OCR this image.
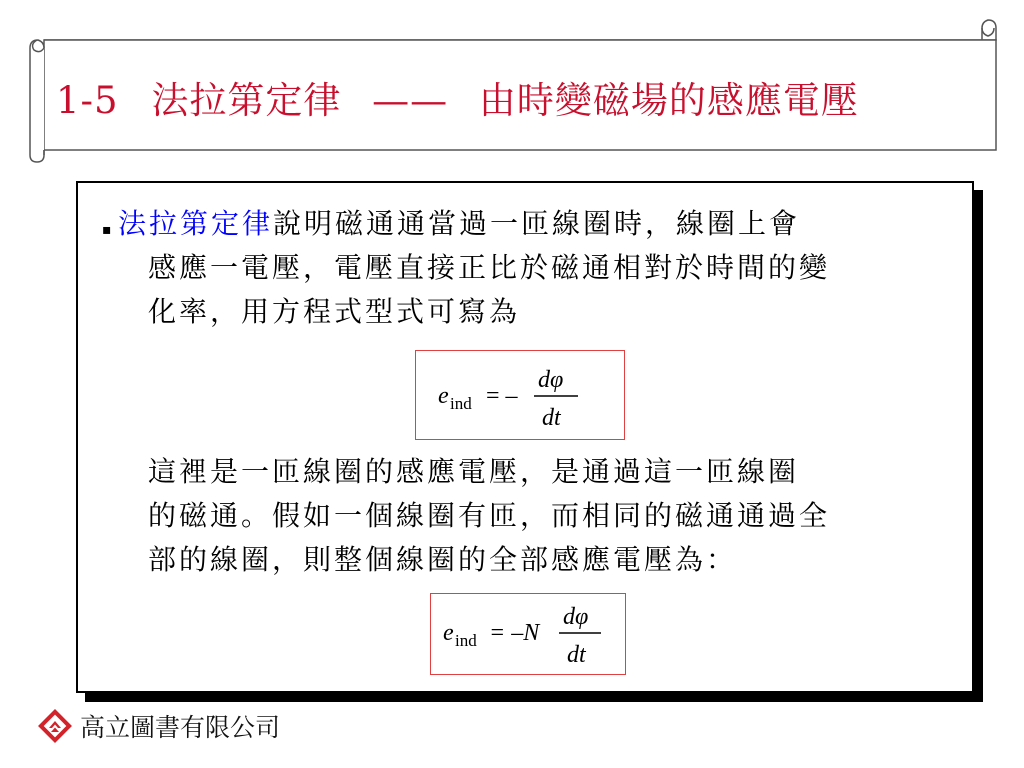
1-5 法拉第定律 —— 由時變磁場的感應電壓
▪ 法拉第定律說明磁通通當過一匝線圈時，線圈上會
感應一電壓，電壓直接正比於磁通相對於時間的變
化率，用方程式型式可寫為
e ind = –
dφ
dt
這裡是一匝線圈的感應電壓，是通過這一匝線圈
的磁通。假如一個線圈有匝，而相同的磁通通過全
部的線圈，則整個線圈的全部感應電壓為：
e ind = –N
dφ
dt
高立圖書有限公司
